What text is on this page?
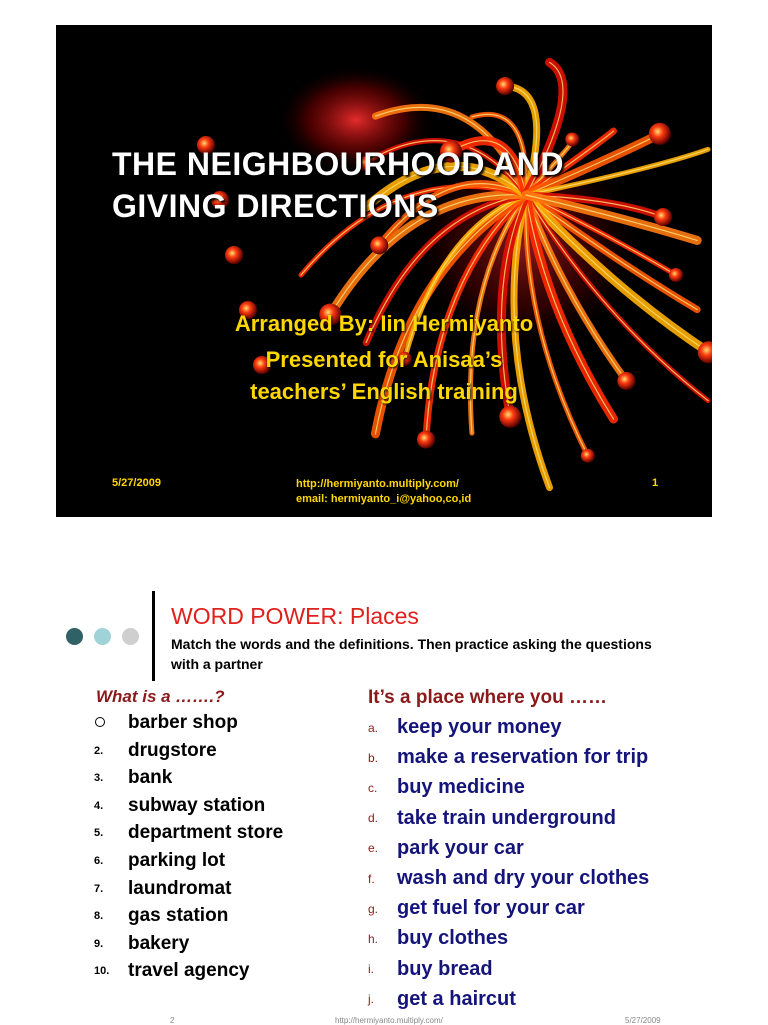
THE NEIGHBOURHOOD AND
GIVING DIRECTIONS
Arranged By: Iin Hermiyanto
Presented for Anisaa’s
teachers’ English training
5/27/2009	http://hermiyanto.multiply.com/
email: hermiyanto_i@yahoo,co,id
1
WORD POWER: Places
Match the words and the definitions. Then practice asking the questions with a partner
What is a …….?	It’s a place where you ……
barber shop
2. drugstore
3. bank
4. subway station
5. department store
6. parking lot
7. laundromat
8. gas station
9. bakery
10. travel agency
a. keep your money
b. make a reservation for trip
c. buy medicine
d. take train underground
e. park your car
f. wash and dry your clothes
g. get fuel for your car
h. buy clothes
i. buy bread
j. get a haircut
2	http://hermiyanto.multiply.com/	5/27/2009
